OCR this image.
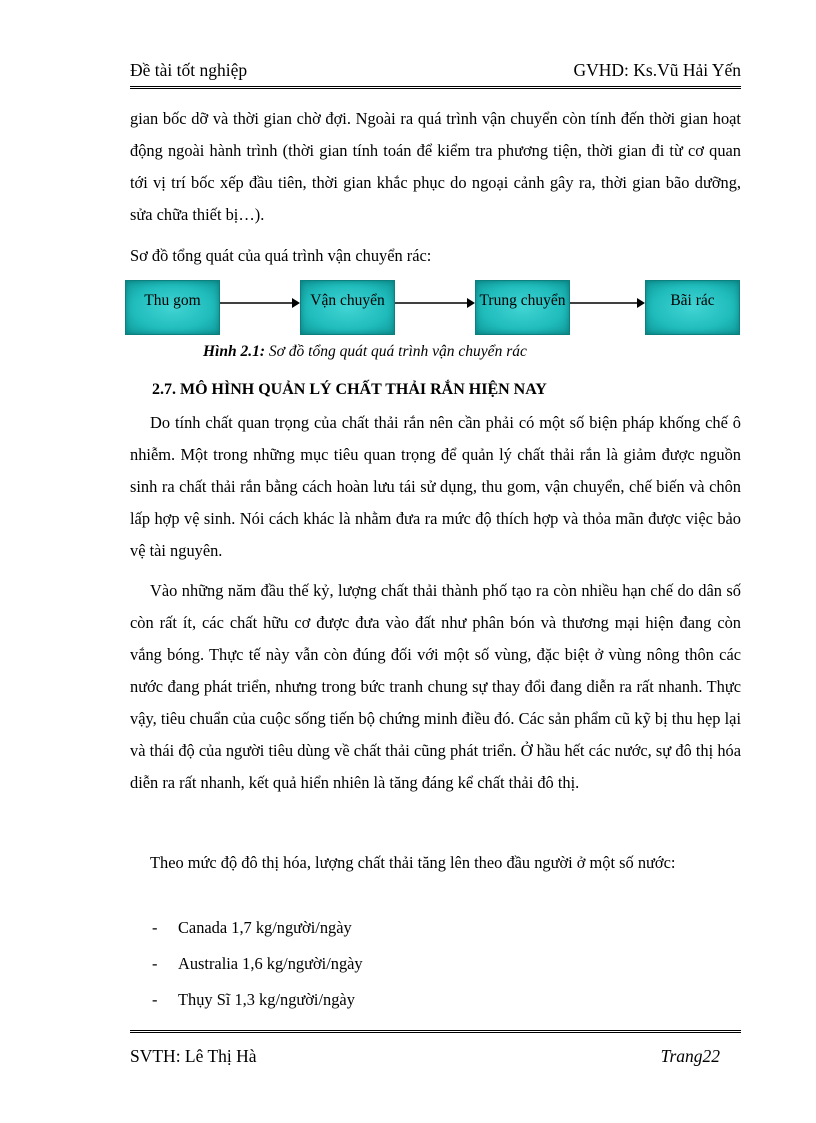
Đề tài tốt nghiệp	GVHD: Ks.Vũ Hải Yến
gian bốc dỡ và thời gian chờ đợi. Ngoài ra quá trình vận chuyển còn tính đến thời gian hoạt động ngoài hành trình (thời gian tính toán để kiểm tra phương tiện, thời gian đi từ cơ quan tới vị trí bốc xếp đầu tiên, thời gian khắc phục do ngoại cảnh gây ra, thời gian bão dưỡng, sửa chữa thiết bị…).
Sơ đồ tổng quát của quá trình vận chuyển rác:
Thu gom	Vận chuyển	Trung chuyển	Bãi rác
Hình 2.1: Sơ đồ tổng quát quá trình vận chuyển rác
2.7. MÔ HÌNH QUẢN LÝ CHẤT THẢI RẮN HIỆN NAY
Do tính chất quan trọng của chất thải rắn nên cần phải có một số biện pháp khống chế ô nhiễm. Một trong những mục tiêu quan trọng để quản lý chất thải rắn là giảm được nguồn sinh ra chất thải rắn bằng cách hoàn lưu tái sử dụng, thu gom, vận chuyển, chế biến và chôn lấp hợp vệ sinh. Nói cách khác là nhằm đưa ra mức độ thích hợp và thỏa mãn được việc bảo vệ tài nguyên.
Vào những năm đầu thế kỷ, lượng chất thải thành phố tạo ra còn nhiều hạn chế do dân số còn rất ít, các chất hữu cơ được đưa vào đất như phân bón và thương mại hiện đang còn vắng bóng. Thực tế này vẫn còn đúng đối với một số vùng, đặc biệt ở vùng nông thôn các nước đang phát triển, nhưng trong bức tranh chung sự thay đổi đang diễn ra rất nhanh. Thực vậy, tiêu chuẩn của cuộc sống tiến bộ chứng minh điều đó. Các sản phẩm cũ kỹ bị thu hẹp lại và thái độ của người tiêu dùng về chất thải cũng phát triển. Ở hầu hết các nước, sự đô thị hóa diễn ra rất nhanh, kết quả hiển nhiên là tăng đáng kể chất thải đô thị.
Theo mức độ đô thị hóa, lượng chất thải tăng lên theo đầu người ở một số nước:
-	Canada 1,7 kg/người/ngày
-	Australia 1,6 kg/người/ngày
-	Thụy Sĩ 1,3 kg/người/ngày
SVTH: Lê Thị Hà	Trang22
